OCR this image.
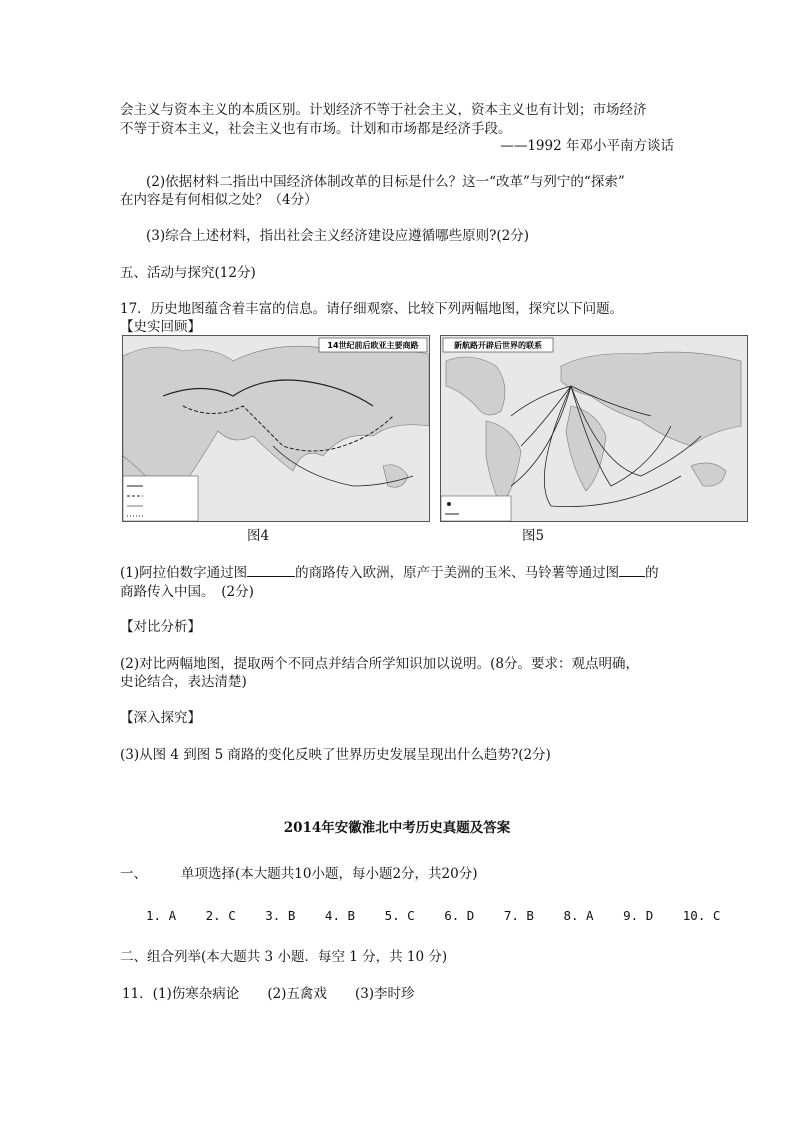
会主义与资本主义的本质区别。计划经济不等于社会主义，资本主义也有计划；市场经济
不等于资本主义，社会主义也有市场。计划和市场都是经济手段。
——1992 年邓小平南方谈话
(2)依据材料二指出中国经济体制改革的目标是什么？这一“改革”与列宁的“探索”
在内容是有何相似之处？（4分）
(3)综合上述材料，指出社会主义经济建设应遵循哪些原则?(2分)
五、活动与探究(12分)
17．历史地图蕴含着丰富的信息。请仔细观察、比较下列两幅地图，探究以下问题。
【史实回顾】
14世纪前后欧亚主要商路	新航路开辟后世界的联系
图4	图5
(1)阿拉伯数字通过图	的商路传入欧洲，原产于美洲的玉米、马铃薯等通过图 的
商路传入中国。　(2分)
【对比分析】
(2)对比两幅地图，提取两个不同点并结合所学知识加以说明。(8分。要求：观点明确，
史论结合，表达清楚)
【深入探究】
(3)从图 4 到图 5 商路的变化反映了世界历史发展呈现出什么趋势?(2分)
2014年安徽淮北中考历史真题及答案
一、	单项选择(本大题共10小题，每小题2分，共20分)
1. A 2. C 3. B 4. B 5. C 6. D 7. B 8. A 9. D 10. C
二、组合列举(本大题共 3 小题．每空 1 分，共 10 分)
11．(1)伤寒杂病论 (2)五禽戏 (3)李时珍
